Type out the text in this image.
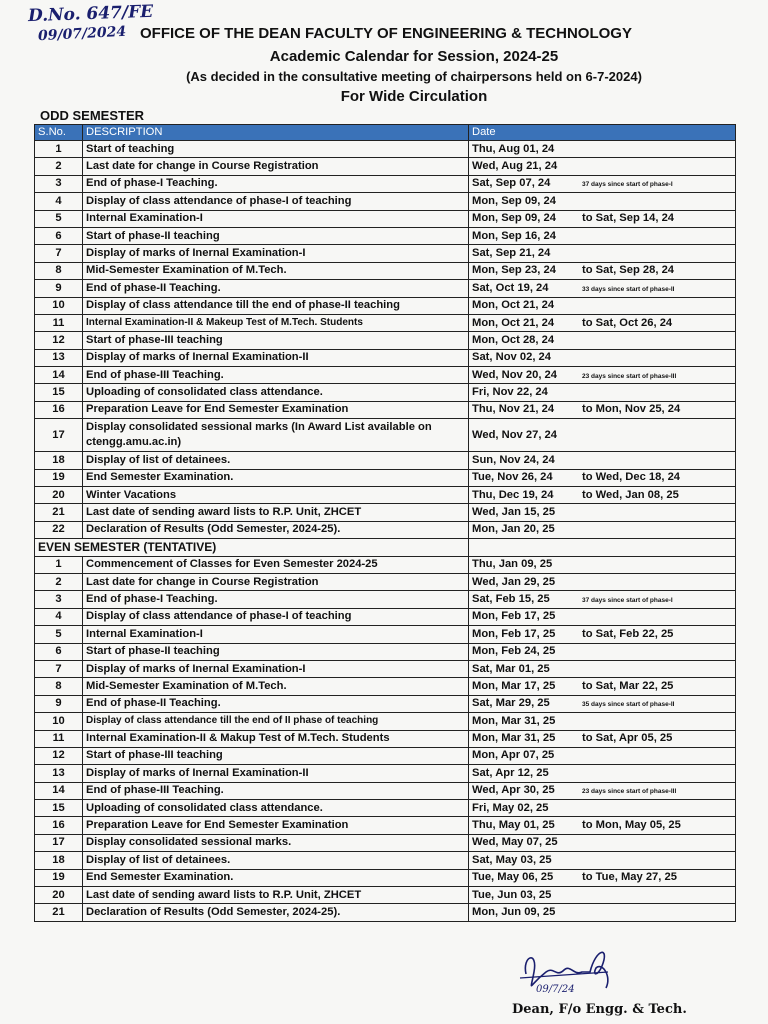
D.No. 647/FE
09/07/2024 OFFICE OF THE DEAN FACULTY OF ENGINEERING & TECHNOLOGY
Academic Calendar for Session, 2024-25
(As decided in the consultative meeting of chairpersons held on 6-7-2024)
For Wide Circulation
ODD SEMESTER
S.No.	DESCRIPTION	Date
1	Start of teaching	Thu, Aug 01, 24
2	Last date for change in Course Registration	Wed, Aug 21, 24
3	End of phase-I Teaching.	Sat, Sep 07, 24 37 days since start of phase-I
4	Display of class attendance of phase-I of teaching	Mon, Sep 09, 24
5	Internal Examination-I	Mon, Sep 09, 24 to Sat, Sep 14, 24
6	Start of phase-II teaching	Mon, Sep 16, 24
7	Display of marks of Inernal Examination-I	Sat, Sep 21, 24
8	Mid-Semester Examination of M.Tech.	Mon, Sep 23, 24 to Sat, Sep 28, 24
9	End of phase-II Teaching.	Sat, Oct 19, 24 33 days since start of phase-II
10	Display of class attendance till the end of phase-II teaching	Mon, Oct 21, 24
11	Internal Examination-II & Makeup Test of M.Tech. Students	Mon, Oct 21, 24 to Sat, Oct 26, 24
12	Start of phase-III teaching	Mon, Oct 28, 24
13	Display of marks of Inernal Examination-II	Sat, Nov 02, 24
14	End of phase-III Teaching.	Wed, Nov 20, 24 23 days since start of phase-III
15	Uploading of consolidated class attendance.	Fri, Nov 22, 24
16	Preparation Leave for End Semester Examination	Thu, Nov 21, 24 to Mon, Nov 25, 24
17	Display consolidated sessional marks (In Award List available on ctengg.amu.ac.in)	Wed, Nov 27, 24
18	Display of list of detainees.	Sun, Nov 24, 24
19	End Semester Examination.	Tue, Nov 26, 24 to Wed, Dec 18, 24
20	Winter Vacations	Thu, Dec 19, 24 to Wed, Jan 08, 25
21	Last date of sending award lists to R.P. Unit, ZHCET	Wed, Jan 15, 25
22	Declaration of Results (Odd Semester, 2024-25).	Mon, Jan 20, 25
EVEN SEMESTER (TENTATIVE)		
1	Commencement of Classes for Even Semester 2024-25	Thu, Jan 09, 25
2	Last date for change in Course Registration	Wed, Jan 29, 25
3	End of phase-I Teaching.	Sat, Feb 15, 25 37 days since start of phase-I
4	Display of class attendance of phase-I of teaching	Mon, Feb 17, 25
5	Internal Examination-I	Mon, Feb 17, 25 to Sat, Feb 22, 25
6	Start of phase-II teaching	Mon, Feb 24, 25
7	Display of marks of Inernal Examination-I	Sat, Mar 01, 25
8	Mid-Semester Examination of M.Tech.	Mon, Mar 17, 25 to Sat, Mar 22, 25
9	End of phase-II Teaching.	Sat, Mar 29, 25 35 days since start of phase-II
10	Display of class attendance till the end of II phase of teaching	Mon, Mar 31, 25
11	Internal Examination-II & Makup Test of M.Tech. Students	Mon, Mar 31, 25 to Sat, Apr 05, 25
12	Start of phase-III teaching	Mon, Apr 07, 25
13	Display of marks of Inernal Examination-II	Sat, Apr 12, 25
14	End of phase-III Teaching.	Wed, Apr 30, 25 23 days since start of phase-III
15	Uploading of consolidated class attendance.	Fri, May 02, 25
16	Preparation Leave for End Semester Examination	Thu, May 01, 25 to Mon, May 05, 25
17	Display consolidated sessional marks.	Wed, May 07, 25
18	Display of list of detainees.	Sat, May 03, 25
19	End Semester Examination.	Tue, May 06, 25 to Tue, May 27, 25
20	Last date of sending award lists to R.P. Unit, ZHCET	Tue, Jun 03, 25
21	Declaration of Results (Odd Semester, 2024-25).	Mon, Jun 09, 25
09/7/24
Dean, F/o Engg. & Tech.
